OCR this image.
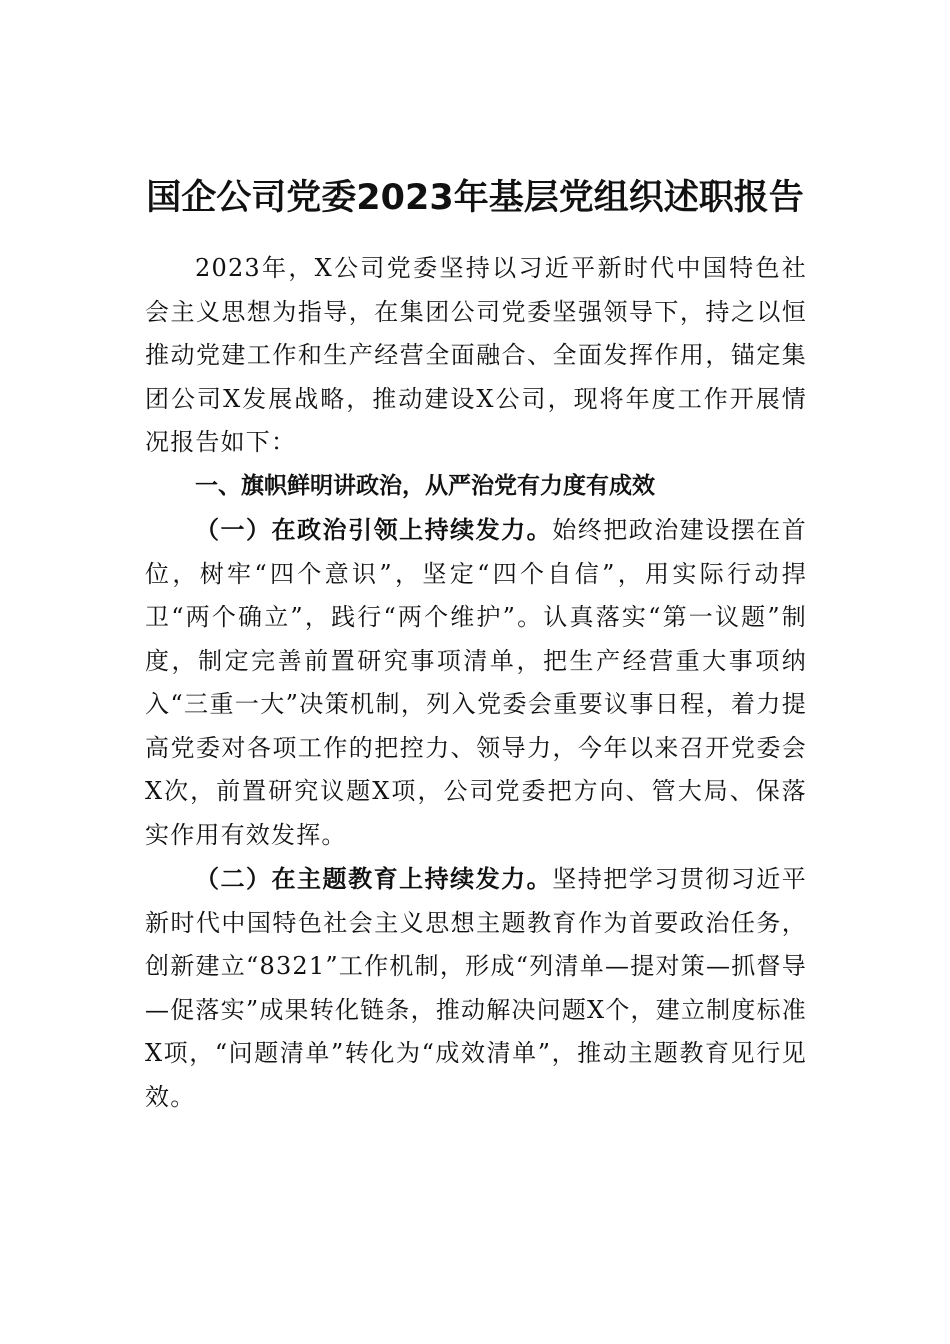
国企公司党委2023年基层党组织述职报告

2023年，X公司党委坚持以习近平新时代中国特色社会主义思想为指导，在集团公司党委坚强领导下，持之以恒推动党建工作和生产经营全面融合、全面发挥作用，锚定集团公司X发展战略，推动建设X公司，现将年度工作开展情况报告如下：

一、旗帜鲜明讲政治，从严治党有力度有成效

（一）在政治引领上持续发力。始终把政治建设摆在首位，树牢“四个意识”，坚定“四个自信”，用实际行动捍卫“两个确立”，践行“两个维护”。认真落实“第一议题”制度，制定完善前置研究事项清单，把生产经营重大事项纳入“三重一大”决策机制，列入党委会重要议事日程，着力提高党委对各项工作的把控力、领导力，今年以来召开党委会X次，前置研究议题X项，公司党委把方向、管大局、保落实作用有效发挥。

（二）在主题教育上持续发力。坚持把学习贯彻习近平新时代中国特色社会主义思想主题教育作为首要政治任务，创新建立“8321”工作机制，形成“列清单—提对策—抓督导—促落实”成果转化链条，推动解决问题X个，建立制度标准X项，“问题清单”转化为“成效清单”，推动主题教育见行见效。
